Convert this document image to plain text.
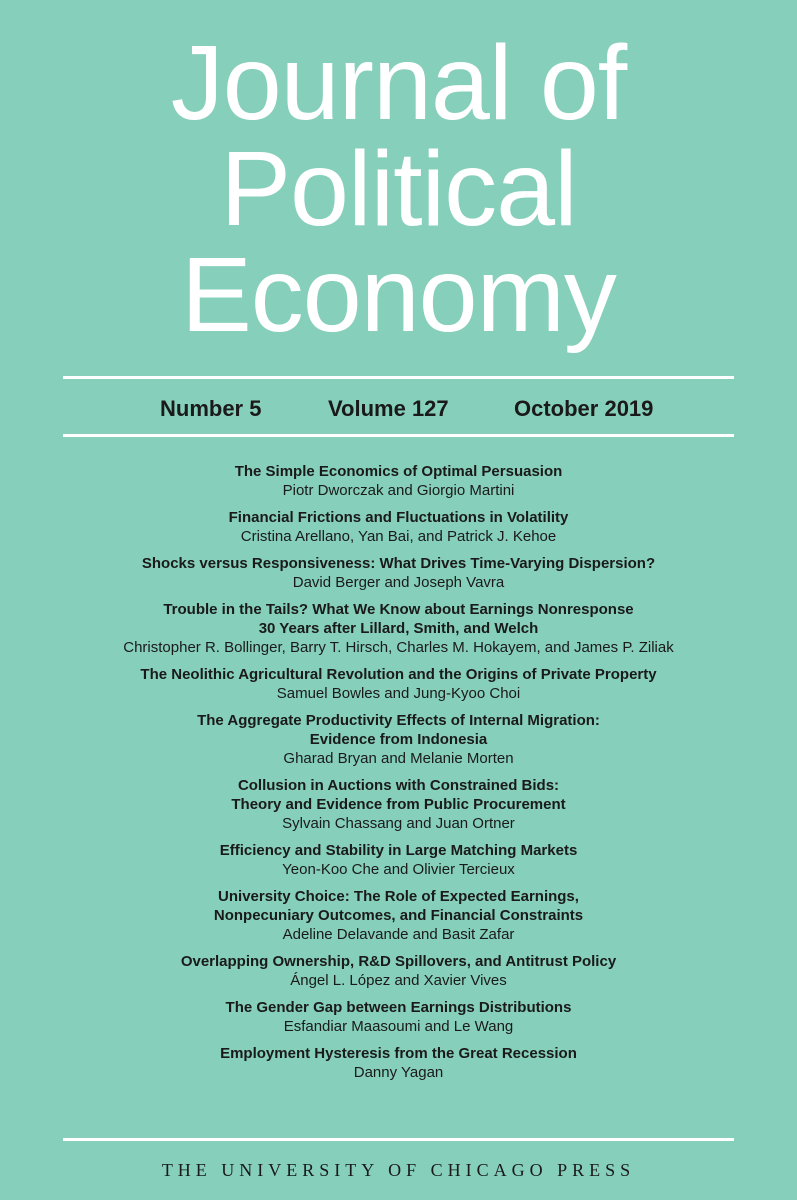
Journal of
Political
Economy
Number 5	Volume 127	October 2019
The Simple Economics of Optimal Persuasion
Piotr Dworczak and Giorgio Martini
Financial Frictions and Fluctuations in Volatility
Cristina Arellano, Yan Bai, and Patrick J. Kehoe
Shocks versus Responsiveness: What Drives Time-Varying Dispersion?
David Berger and Joseph Vavra
Trouble in the Tails? What We Know about Earnings Nonresponse
30 Years after Lillard, Smith, and Welch
Christopher R. Bollinger, Barry T. Hirsch, Charles M. Hokayem, and James P. Ziliak
The Neolithic Agricultural Revolution and the Origins of Private Property
Samuel Bowles and Jung-Kyoo Choi
The Aggregate Productivity Effects of Internal Migration:
Evidence from Indonesia
Gharad Bryan and Melanie Morten
Collusion in Auctions with Constrained Bids:
Theory and Evidence from Public Procurement
Sylvain Chassang and Juan Ortner
Efficiency and Stability in Large Matching Markets
Yeon-Koo Che and Olivier Tercieux
University Choice: The Role of Expected Earnings,
Nonpecuniary Outcomes, and Financial Constraints
Adeline Delavande and Basit Zafar
Overlapping Ownership, R&D Spillovers, and Antitrust Policy
Ángel L. López and Xavier Vives
The Gender Gap between Earnings Distributions
Esfandiar Maasoumi and Le Wang
Employment Hysteresis from the Great Recession
Danny Yagan
THE UNIVERSITY OF CHICAGO PRESS
